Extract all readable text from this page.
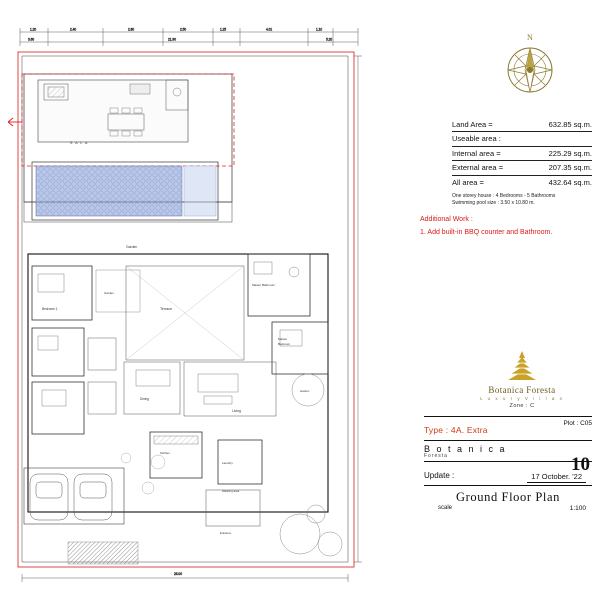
1.20	2.40	2.80	2.50	1.25	4.01	1.10
3.60	21.90	5.20
S A L A
Garden
Terrace
Bedroom 1
Garden
Master Bathroom
Master
Bedroom
Living
Dining
Kitchen
Laundry
Washing area
Entrance
Garden
26.00
N
Land Area =	632.85 sq.m.
Useable area :
Internal area =	225.29 sq.m.
External area =	207.35 sq.m.
All area =	432.64 sq.m.
One storey house : 4 Bedrooms - 5 Bathrooms
Swimming pool size : 3.50 x 10.80 m.
Additional Work :
1. Add built-in BBQ counter and Bathroom.
Botanica Foresta
L u x u r y V i l l a s
Zone : C
Type : 4A. Extra
Plot : C05
B o t a n i c a
Foresta	10
Update :	17 October. '22
Ground Floor Plan
scale	1:100
